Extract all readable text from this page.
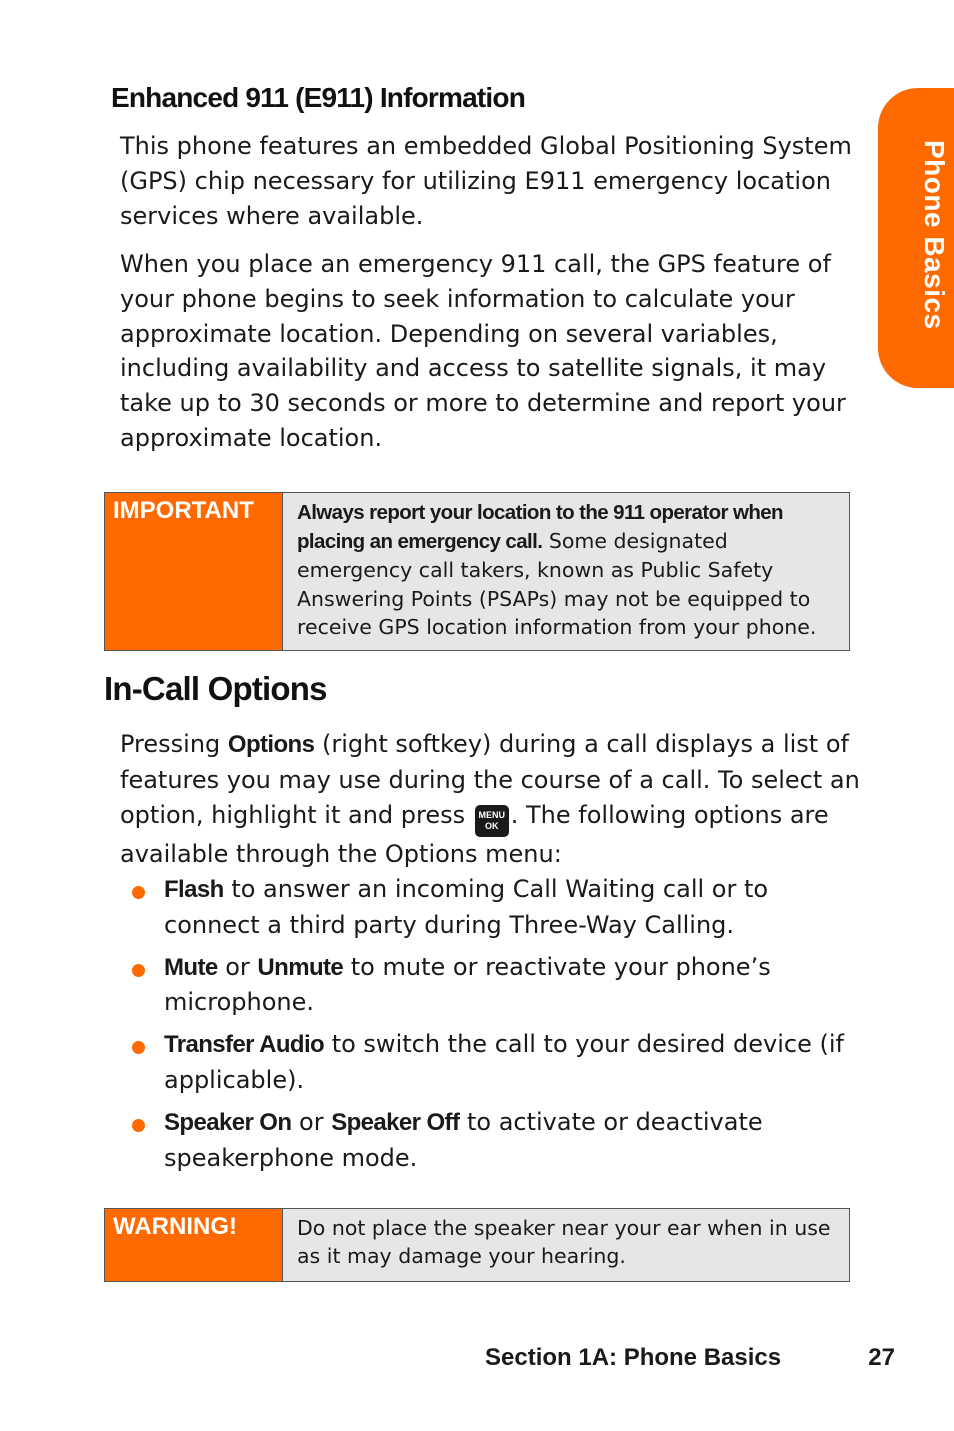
Phone Basics
Enhanced 911 (E911) Information

This phone features an embedded Global Positioning System (GPS) chip necessary for utilizing E911 emergency location services where available.

When you place an emergency 911 call, the GPS feature of your phone begins to seek information to calculate your approximate location. Depending on several variables, including availability and access to satellite signals, it may take up to 30 seconds or more to determine and report your approximate location.

IMPORTANT	Always report your location to the 911 operator when placing an emergency call. Some designated emergency call takers, known as Public Safety Answering Points (PSAPs) may not be equipped to receive GPS location information from your phone.
In-Call Options

Pressing Options (right softkey) during a call displays a list of features you may use during the course of a call. To select an option, highlight it and press MENU
OK . The following options are available through the Options menu:

Flash to answer an incoming Call Waiting call or to connect a third party during Three-Way Calling.

Mute or Unmute to mute or reactivate your phone’s microphone.

Transfer Audio to switch the call to your desired device (if applicable).

Speaker On or Speaker Off to activate or deactivate speakerphone mode.

WARNING!	Do not place the speaker near your ear when in use as it may damage your hearing.
Section 1A: Phone Basics	27
